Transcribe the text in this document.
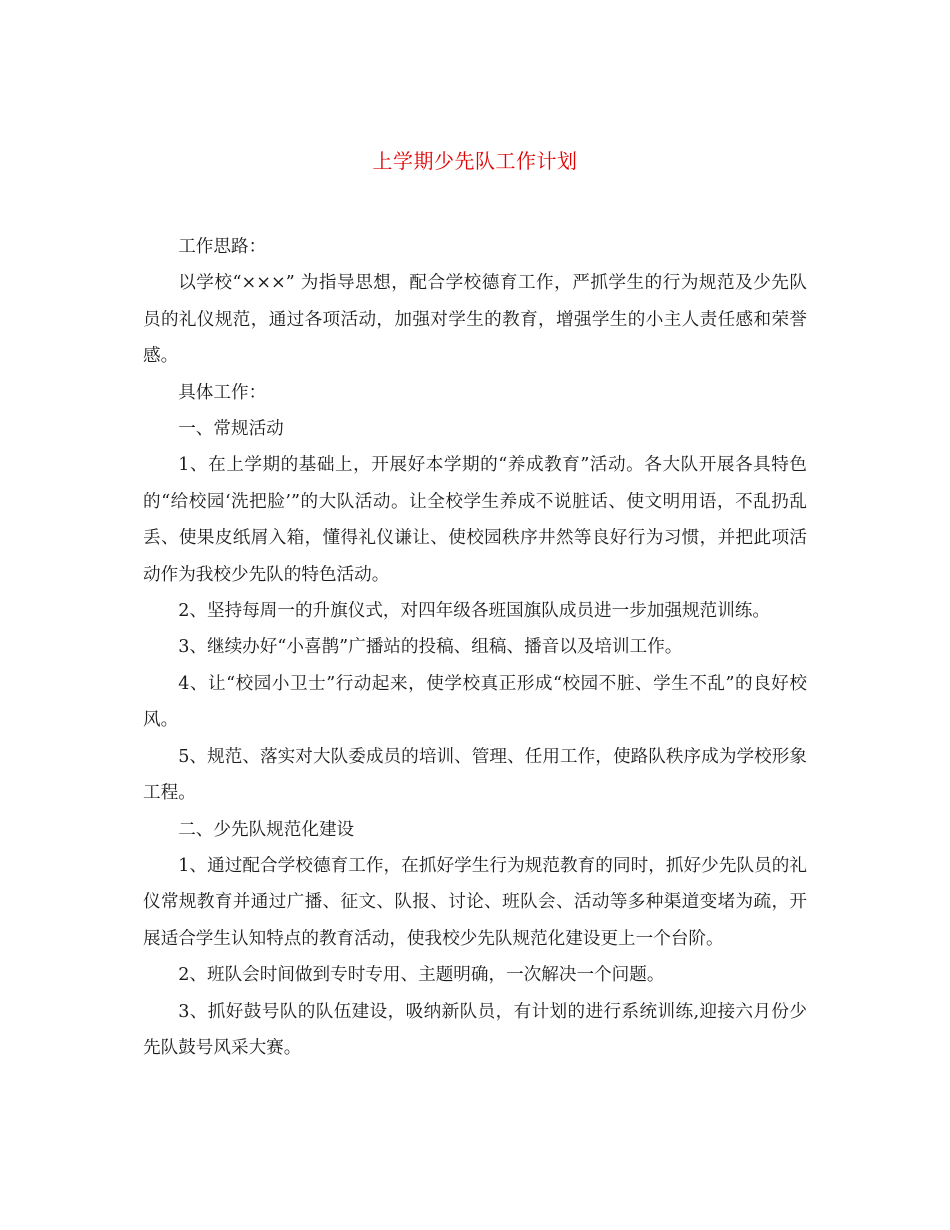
上学期少先队工作计划

工作思路：

以学校“×××” 为指导思想，配合学校德育工作，严抓学生的行为规范及少先队员的礼仪规范，通过各项活动，加强对学生的教育，增强学生的小主人责任感和荣誉感。

具体工作：

一、常规活动

1、在上学期的基础上，开展好本学期的“养成教育”活动。各大队开展各具特色的“给校园‘洗把脸’”的大队活动。让全校学生养成不说脏话、使文明用语，不乱扔乱丢、使果皮纸屑入箱，懂得礼仪谦让、使校园秩序井然等良好行为习惯，并把此项活动作为我校少先队的特色活动。

2、坚持每周一的升旗仪式，对四年级各班国旗队成员进一步加强规范训练。

3、继续办好“小喜鹊”广播站的投稿、组稿、播音以及培训工作。

4、让“校园小卫士”行动起来，使学校真正形成“校园不脏、学生不乱”的良好校风。

5、规范、落实对大队委成员的培训、管理、任用工作，使路队秩序成为学校形象工程。

二、少先队规范化建设

1、通过配合学校德育工作，在抓好学生行为规范教育的同时，抓好少先队员的礼仪常规教育并通过广播、征文、队报、讨论、班队会、活动等多种渠道变堵为疏，开展适合学生认知特点的教育活动，使我校少先队规范化建设更上一个台阶。

2、班队会时间做到专时专用、主题明确，一次解决一个问题。

3、抓好鼓号队的队伍建设，吸纳新队员，有计划的进行系统训练,迎接六月份少先队鼓号风采大赛。
